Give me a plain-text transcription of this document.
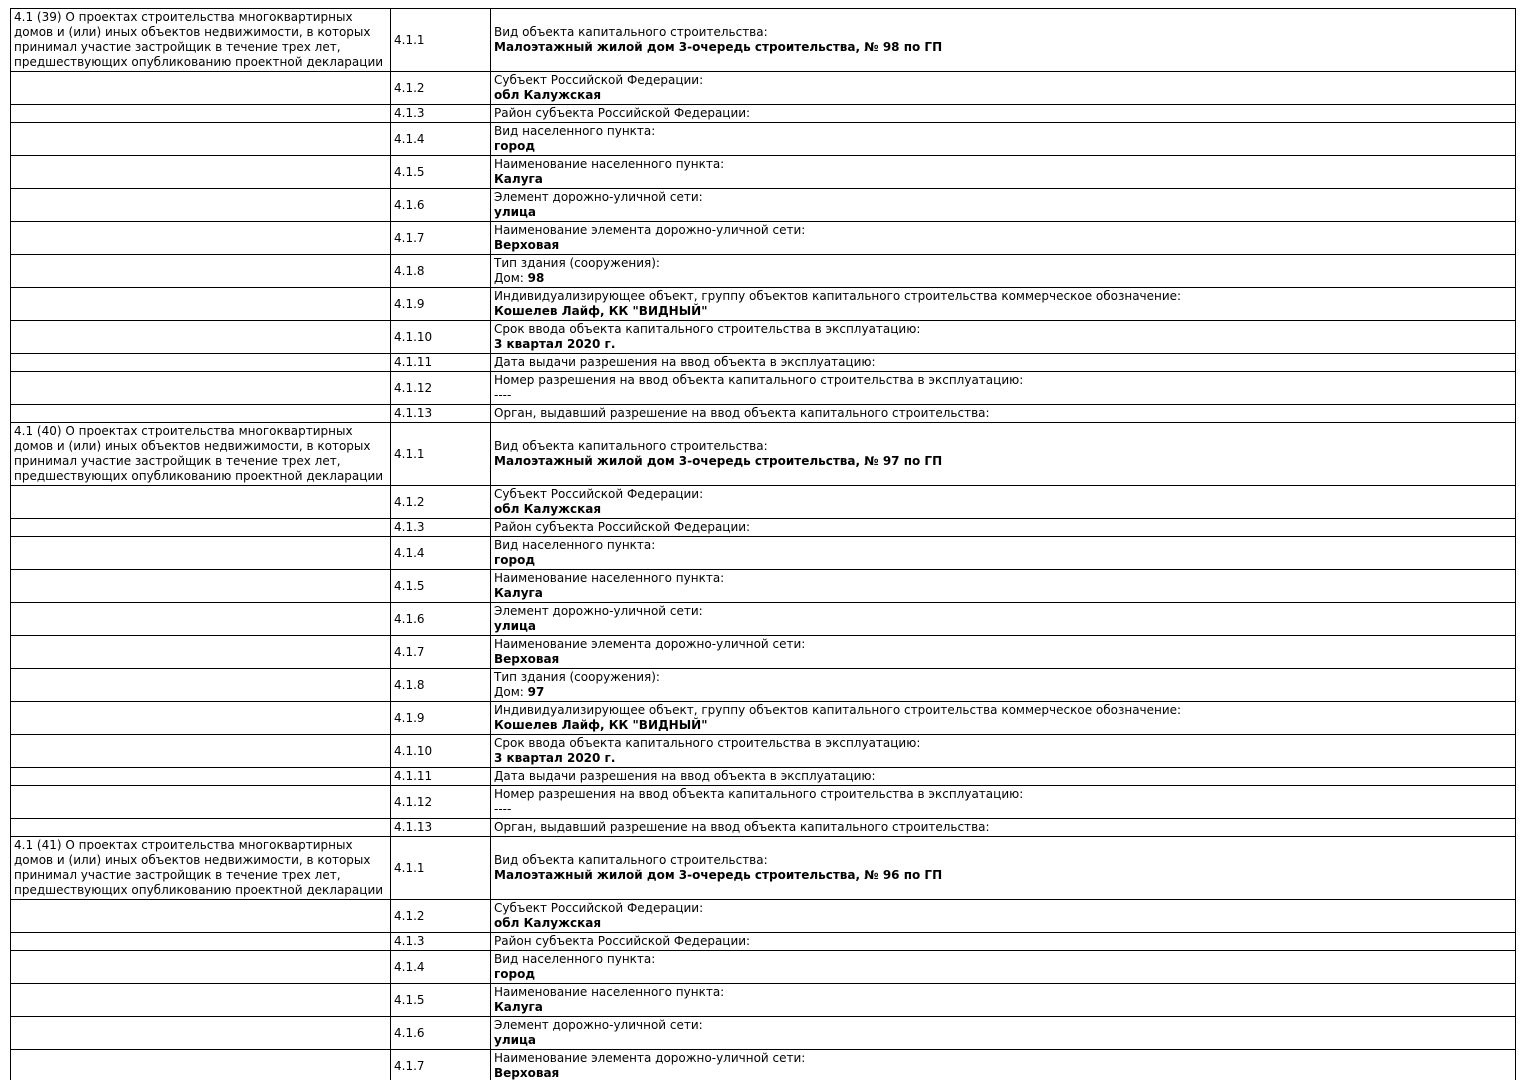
4.1 (39) О проектах строительства многоквартирных домов и (или) иных объектов недвижимости, в которых принимал участие застройщик в течение трех лет, предшествующих опубликованию проектной декларации	4.1.1	Вид объекта капитального строительства:
Малоэтажный жилой дом 3-очередь строительства, № 98 по ГП

	4.1.2	Субъект Российской Федерации:
обл Калужская

	4.1.3	Район субъекта Российской Федерации:

	4.1.4	Вид населенного пункта:
город

	4.1.5	Наименование населенного пункта:
Калуга

	4.1.6	Элемент дорожно-уличной сети:
улица

	4.1.7	Наименование элемента дорожно-уличной сети:
Верховая

	4.1.8	Тип здания (сооружения):
Дом: 98

	4.1.9	Индивидуализирующее объект, группу объектов капитального строительства коммерческое обозначение:
Кошелев Лайф, КК "ВИДНЫЙ"

	4.1.10	Срок ввода объекта капитального строительства в эксплуатацию:
3 квартал 2020 г.

	4.1.11	Дата выдачи разрешения на ввод объекта в эксплуатацию:

	4.1.12	Номер разрешения на ввод объекта капитального строительства в эксплуатацию:
----

	4.1.13	Орган, выдавший разрешение на ввод объекта капитального строительства:

4.1 (40) О проектах строительства многоквартирных домов и (или) иных объектов недвижимости, в которых принимал участие застройщик в течение трех лет, предшествующих опубликованию проектной декларации	4.1.1	Вид объекта капитального строительства:
Малоэтажный жилой дом 3-очередь строительства, № 97 по ГП

	4.1.2	Субъект Российской Федерации:
обл Калужская

	4.1.3	Район субъекта Российской Федерации:

	4.1.4	Вид населенного пункта:
город

	4.1.5	Наименование населенного пункта:
Калуга

	4.1.6	Элемент дорожно-уличной сети:
улица

	4.1.7	Наименование элемента дорожно-уличной сети:
Верховая

	4.1.8	Тип здания (сооружения):
Дом: 97

	4.1.9	Индивидуализирующее объект, группу объектов капитального строительства коммерческое обозначение:
Кошелев Лайф, КК "ВИДНЫЙ"

	4.1.10	Срок ввода объекта капитального строительства в эксплуатацию:
3 квартал 2020 г.

	4.1.11	Дата выдачи разрешения на ввод объекта в эксплуатацию:

	4.1.12	Номер разрешения на ввод объекта капитального строительства в эксплуатацию:
----

	4.1.13	Орган, выдавший разрешение на ввод объекта капитального строительства:

4.1 (41) О проектах строительства многоквартирных домов и (или) иных объектов недвижимости, в которых принимал участие застройщик в течение трех лет, предшествующих опубликованию проектной декларации	4.1.1	Вид объекта капитального строительства:
Малоэтажный жилой дом 3-очередь строительства, № 96 по ГП

	4.1.2	Субъект Российской Федерации:
обл Калужская

	4.1.3	Район субъекта Российской Федерации:

	4.1.4	Вид населенного пункта:
город

	4.1.5	Наименование населенного пункта:
Калуга

	4.1.6	Элемент дорожно-уличной сети:
улица

	4.1.7	Наименование элемента дорожно-уличной сети:
Верховая
